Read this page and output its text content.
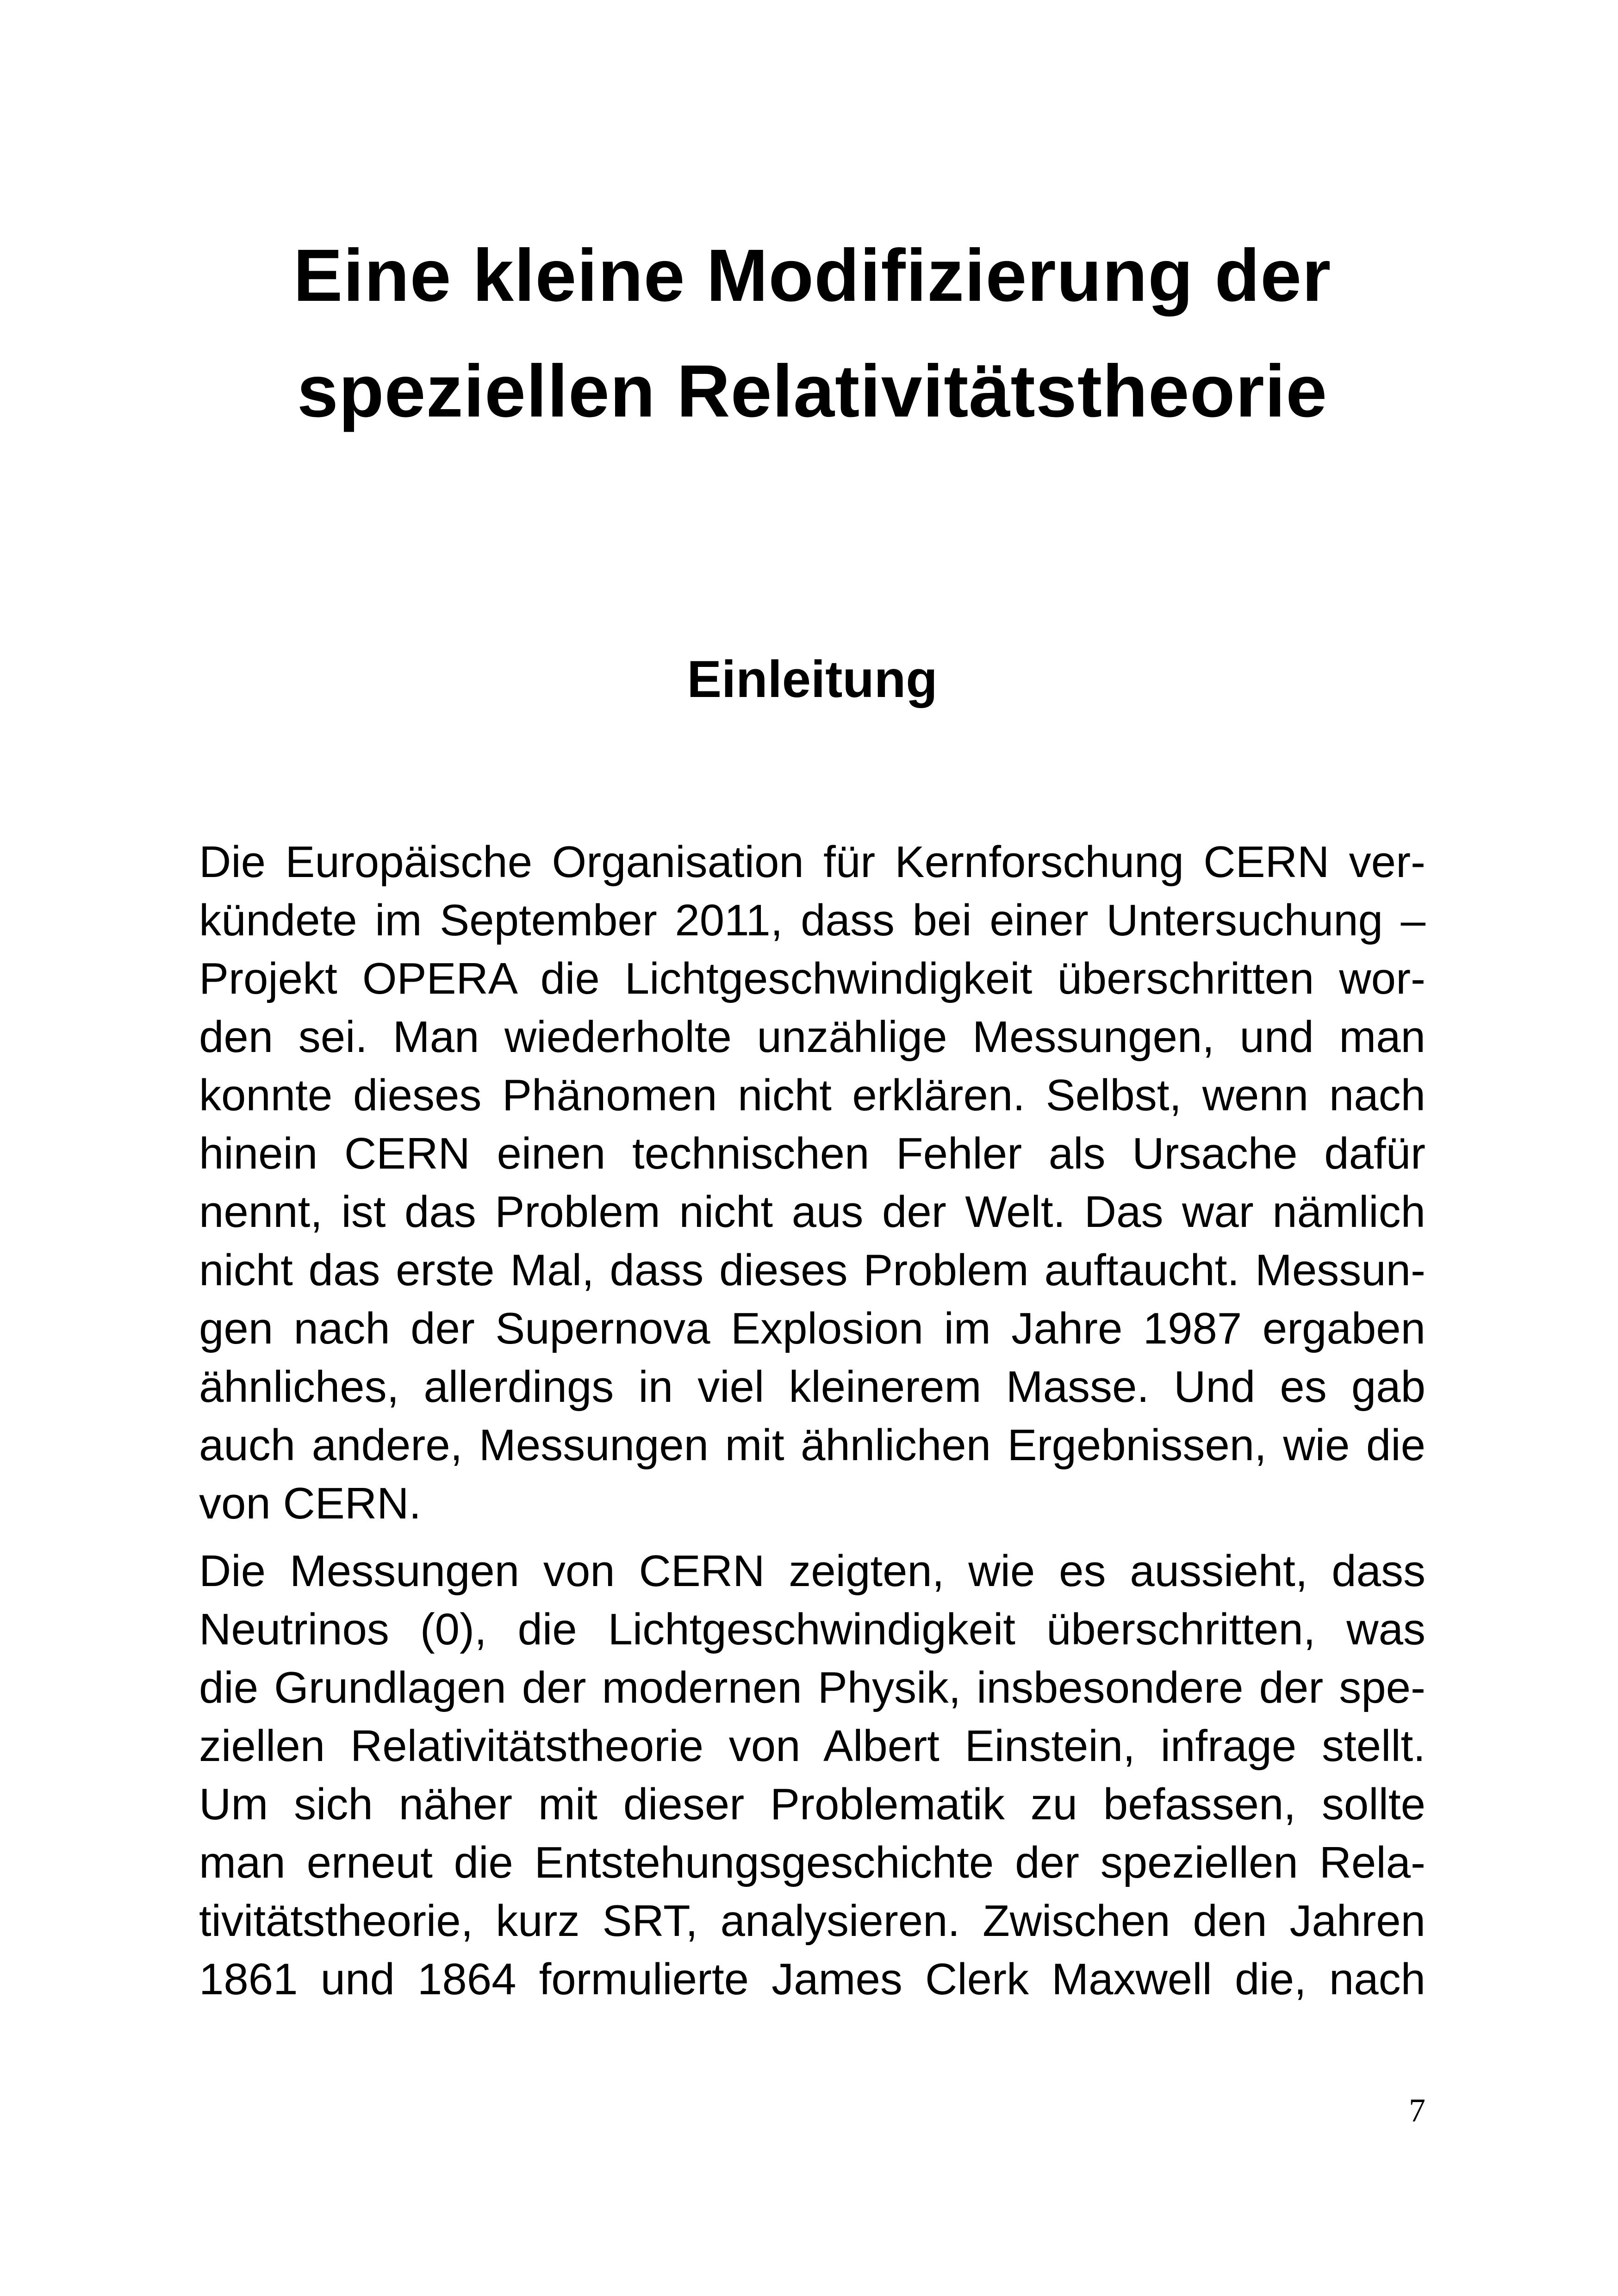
Eine kleine Modifizierung der
speziellen Relativitätstheorie
Einleitung

Die Europäische Organisation für Kernforschung CERN ver-
kündete im September 2011, dass bei einer Untersuchung –
Projekt OPERA die Lichtgeschwindigkeit überschritten wor-
den sei. Man wiederholte unzählige Messungen, und man
konnte dieses Phänomen nicht erklären. Selbst, wenn nach
hinein CERN einen technischen Fehler als Ursache dafür
nennt, ist das Problem nicht aus der Welt. Das war nämlich
nicht das erste Mal, dass dieses Problem auftaucht. Messun-
gen nach der Supernova Explosion im Jahre 1987 ergaben
ähnliches, allerdings in viel kleinerem Masse. Und es gab
auch andere, Messungen mit ähnlichen Ergebnissen, wie die
von CERN.

Die Messungen von CERN zeigten, wie es aussieht, dass
Neutrinos (0), die Lichtgeschwindigkeit überschritten, was
die Grundlagen der modernen Physik, insbesondere der spe-
ziellen Relativitätstheorie von Albert Einstein, infrage stellt.
Um sich näher mit dieser Problematik zu befassen, sollte
man erneut die Entstehungsgeschichte der speziellen Rela-
tivitätstheorie, kurz SRT, analysieren. Zwischen den Jahren
1861 und 1864 formulierte James Clerk Maxwell die, nach

7
